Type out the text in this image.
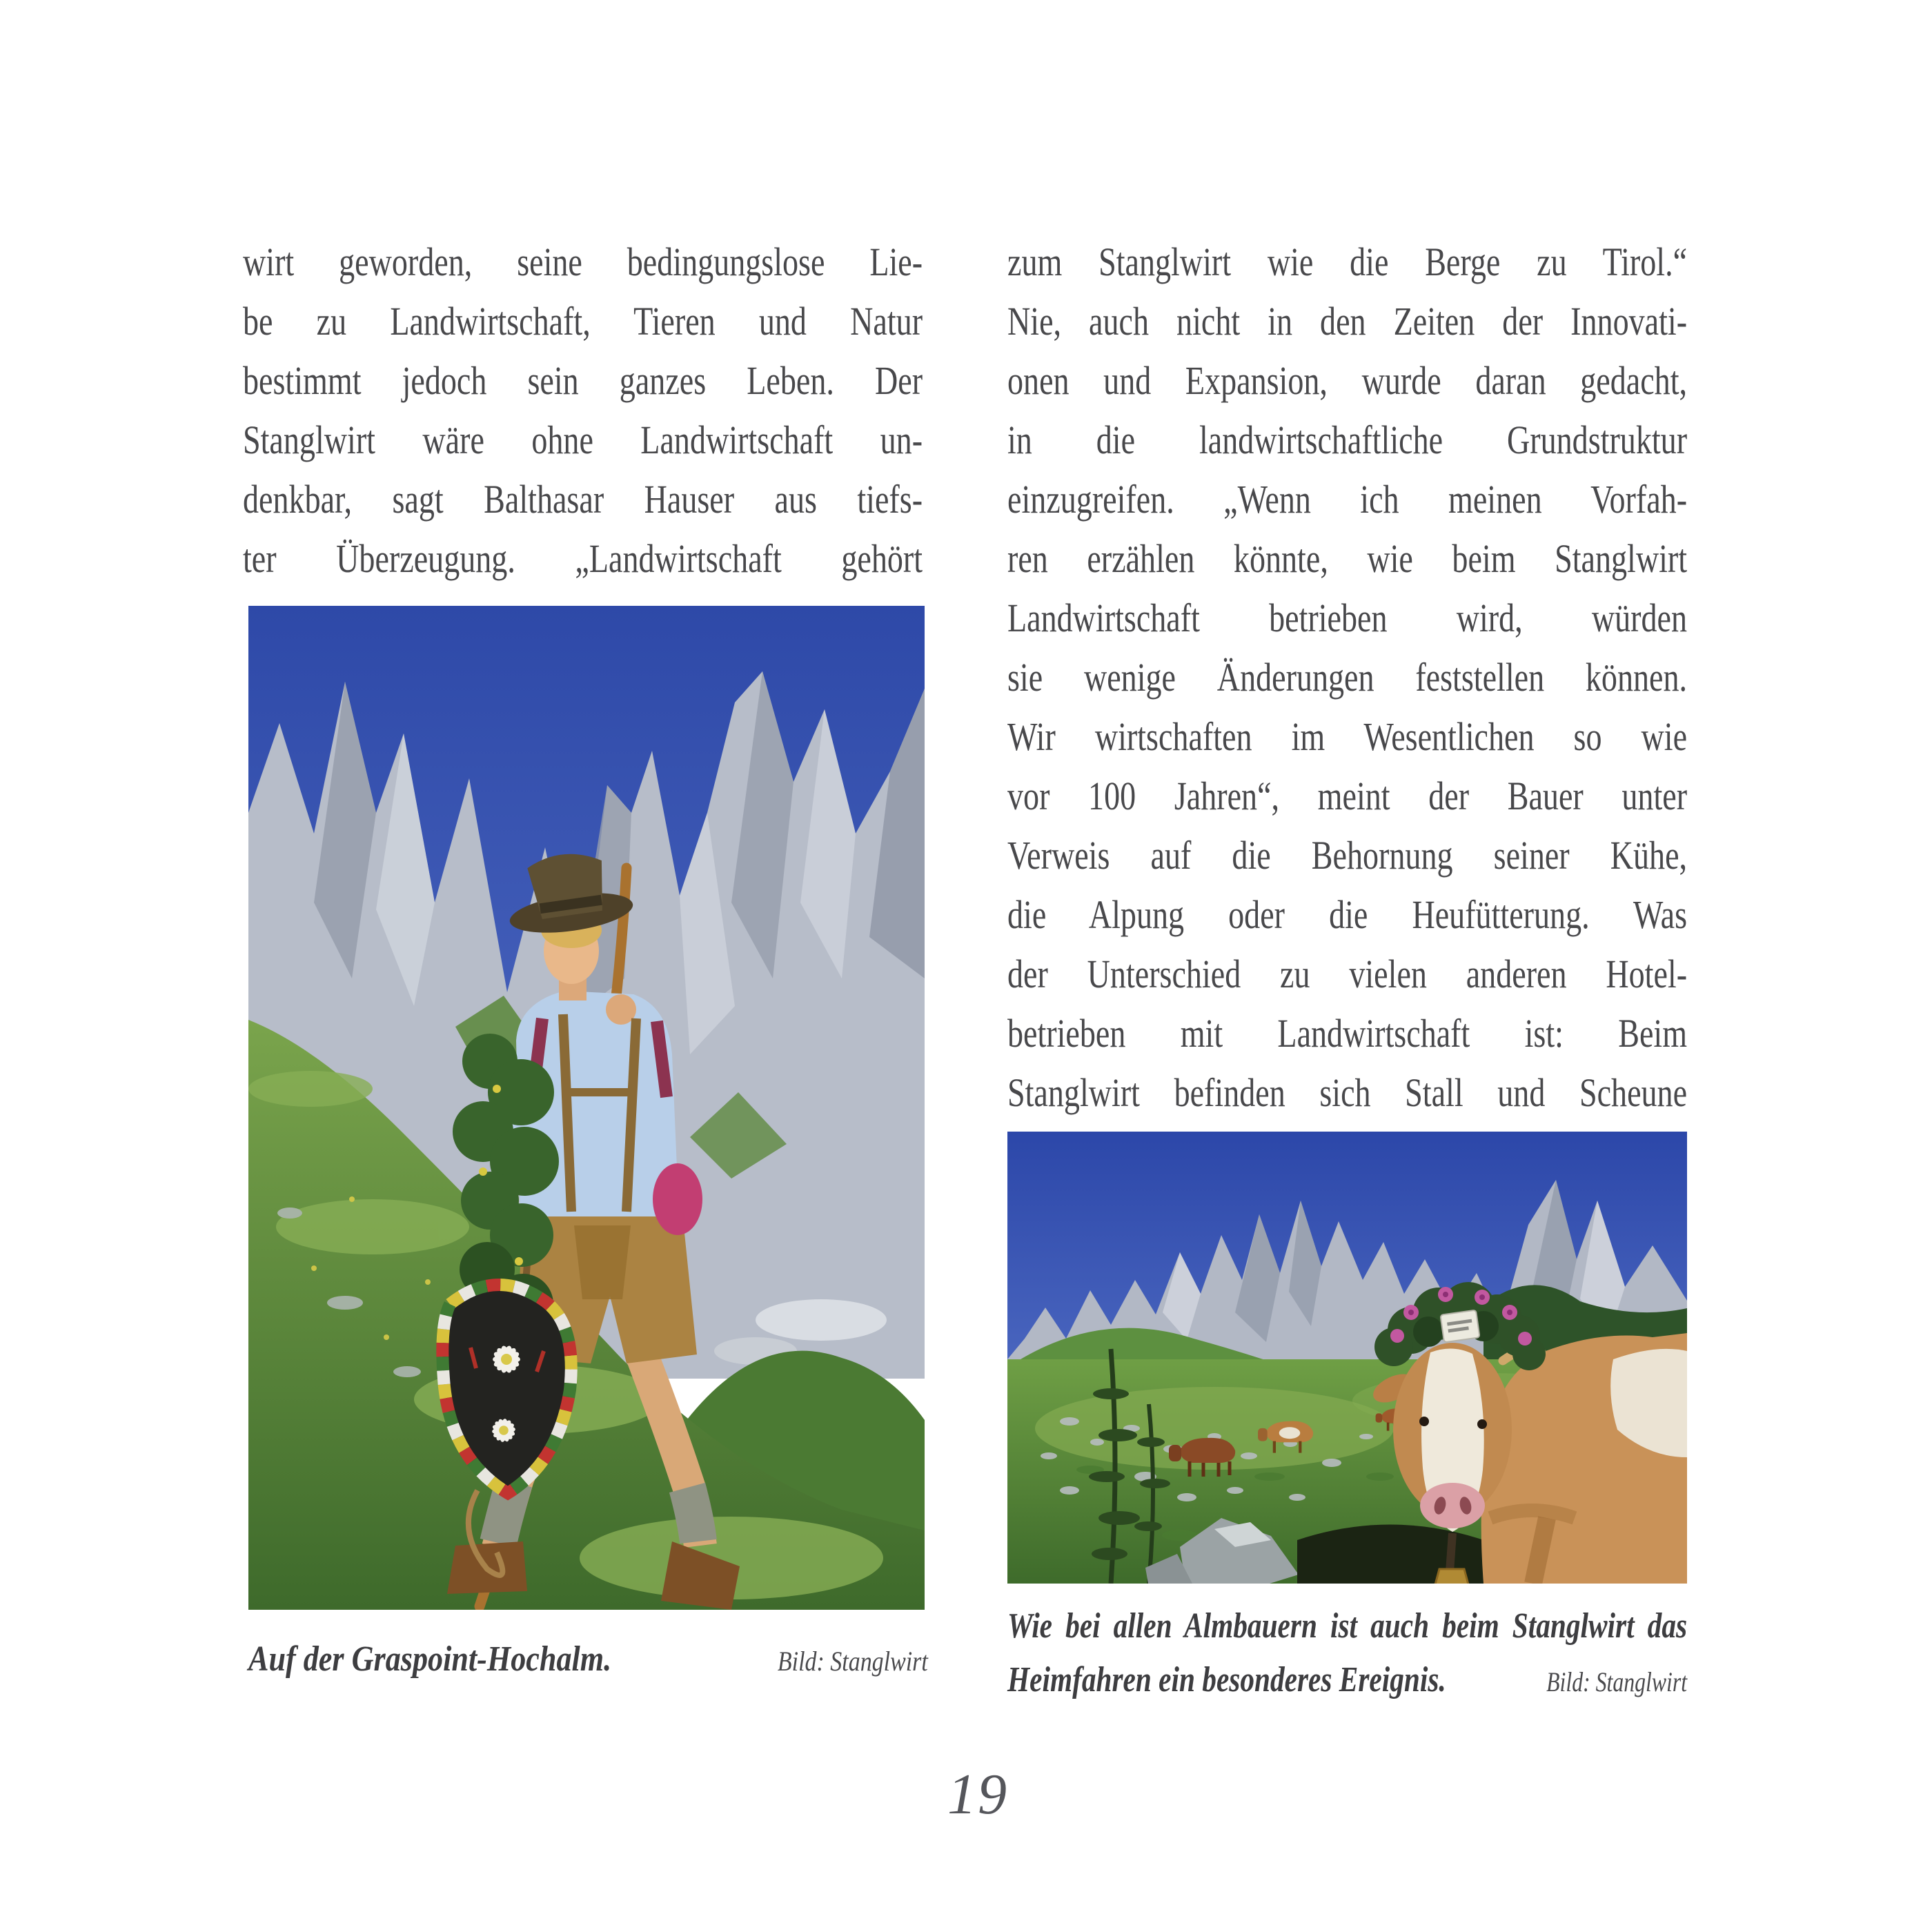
wirt geworden, seine bedingungslose Lie-
be zu Landwirtschaft, Tieren und Natur
bestimmt jedoch sein ganzes Leben. Der
Stanglwirt wäre ohne Landwirtschaft un-
denkbar, sagt Balthasar Hauser aus tiefs-
ter Überzeugung. „Landwirtschaft gehört
zum Stanglwirt wie die Berge zu Tirol.“
Nie, auch nicht in den Zeiten der Innovati-
onen und Expansion, wurde daran gedacht,
in die landwirtschaftliche Grundstruktur
einzugreifen. „Wenn ich meinen Vorfah-
ren erzählen könnte, wie beim Stanglwirt
Landwirtschaft betrieben wird, würden
sie wenige Änderungen feststellen können.
Wir wirtschaften im Wesentlichen so wie
vor 100 Jahren“, meint der Bauer unter
Verweis auf die Behornung seiner Kühe,
die Alpung oder die Heufütterung. Was
der Unterschied zu vielen anderen Hotel-
betrieben mit Landwirtschaft ist: Beim
Stanglwirt befinden sich Stall und Scheune
Auf der Graspoint-Hochalm.	Bild: Stanglwirt
Wie bei allen Almbauern ist auch beim Stanglwirt das
Heimfahren ein besonderes Ereignis.	Bild: Stanglwirt
19
